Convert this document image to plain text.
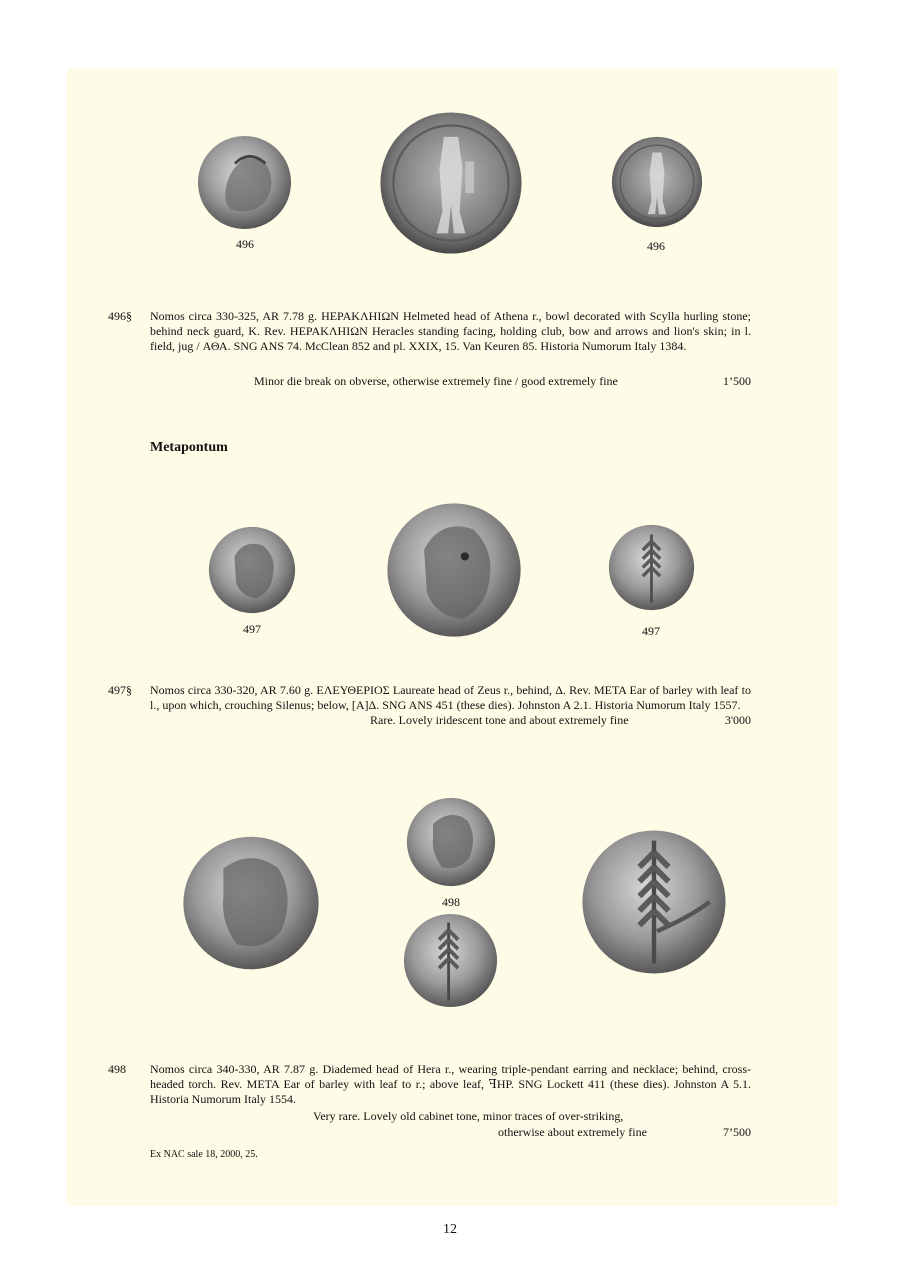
496	496
496§ Nomos circa 330-325, AR 7.78 g. ΗΕΡΑΚΛΗΙΩΝ Helmeted head of Athena r., bowl decorated with Scylla hurling stone; behind neck guard, K. Rev. ΗΕΡΑΚΛΗΙΩΝ Heracles standing facing, holding club, bow and arrows and lion's skin; in l. field, jug / ΑΘΑ. SNG ANS 74. McClean 852 and pl. XXIX, 15. Van Keuren 85. Historia Numorum Italy 1384.

Minor die break on obverse, otherwise extremely fine / good extremely fine	1’500
Metapontum
497	497
497§ Nomos circa 330-320, AR 7.60 g. ΕΛΕΥΘΕΡΙΟΣ Laureate head of Zeus r., behind, Δ. Rev. ΜΕΤΑ Ear of barley with leaf to l., upon which, crouching Silenus; below, [Α]Δ. SNG ANS 451 (these dies). Johnston A 2.1. Historia Numorum Italy 1557.

Rare. Lovely iridescent tone and about extremely fine	3'000
498
498 Nomos circa 340-330, AR 7.87 g. Diademed head of Hera r., wearing triple-pendant earring and necklace; behind, cross-headed torch. Rev. ΜΕΤΑ Ear of barley with leaf to r.; above leaf, ꟻΗΡ. SNG Lockett 411 (these dies). Johnston A 5.1. Historia Numorum Italy 1554.

Very rare. Lovely old cabinet tone, minor traces of over-striking,
otherwise about extremely fine	7’500
Ex NAC sale 18, 2000, 25.
12
